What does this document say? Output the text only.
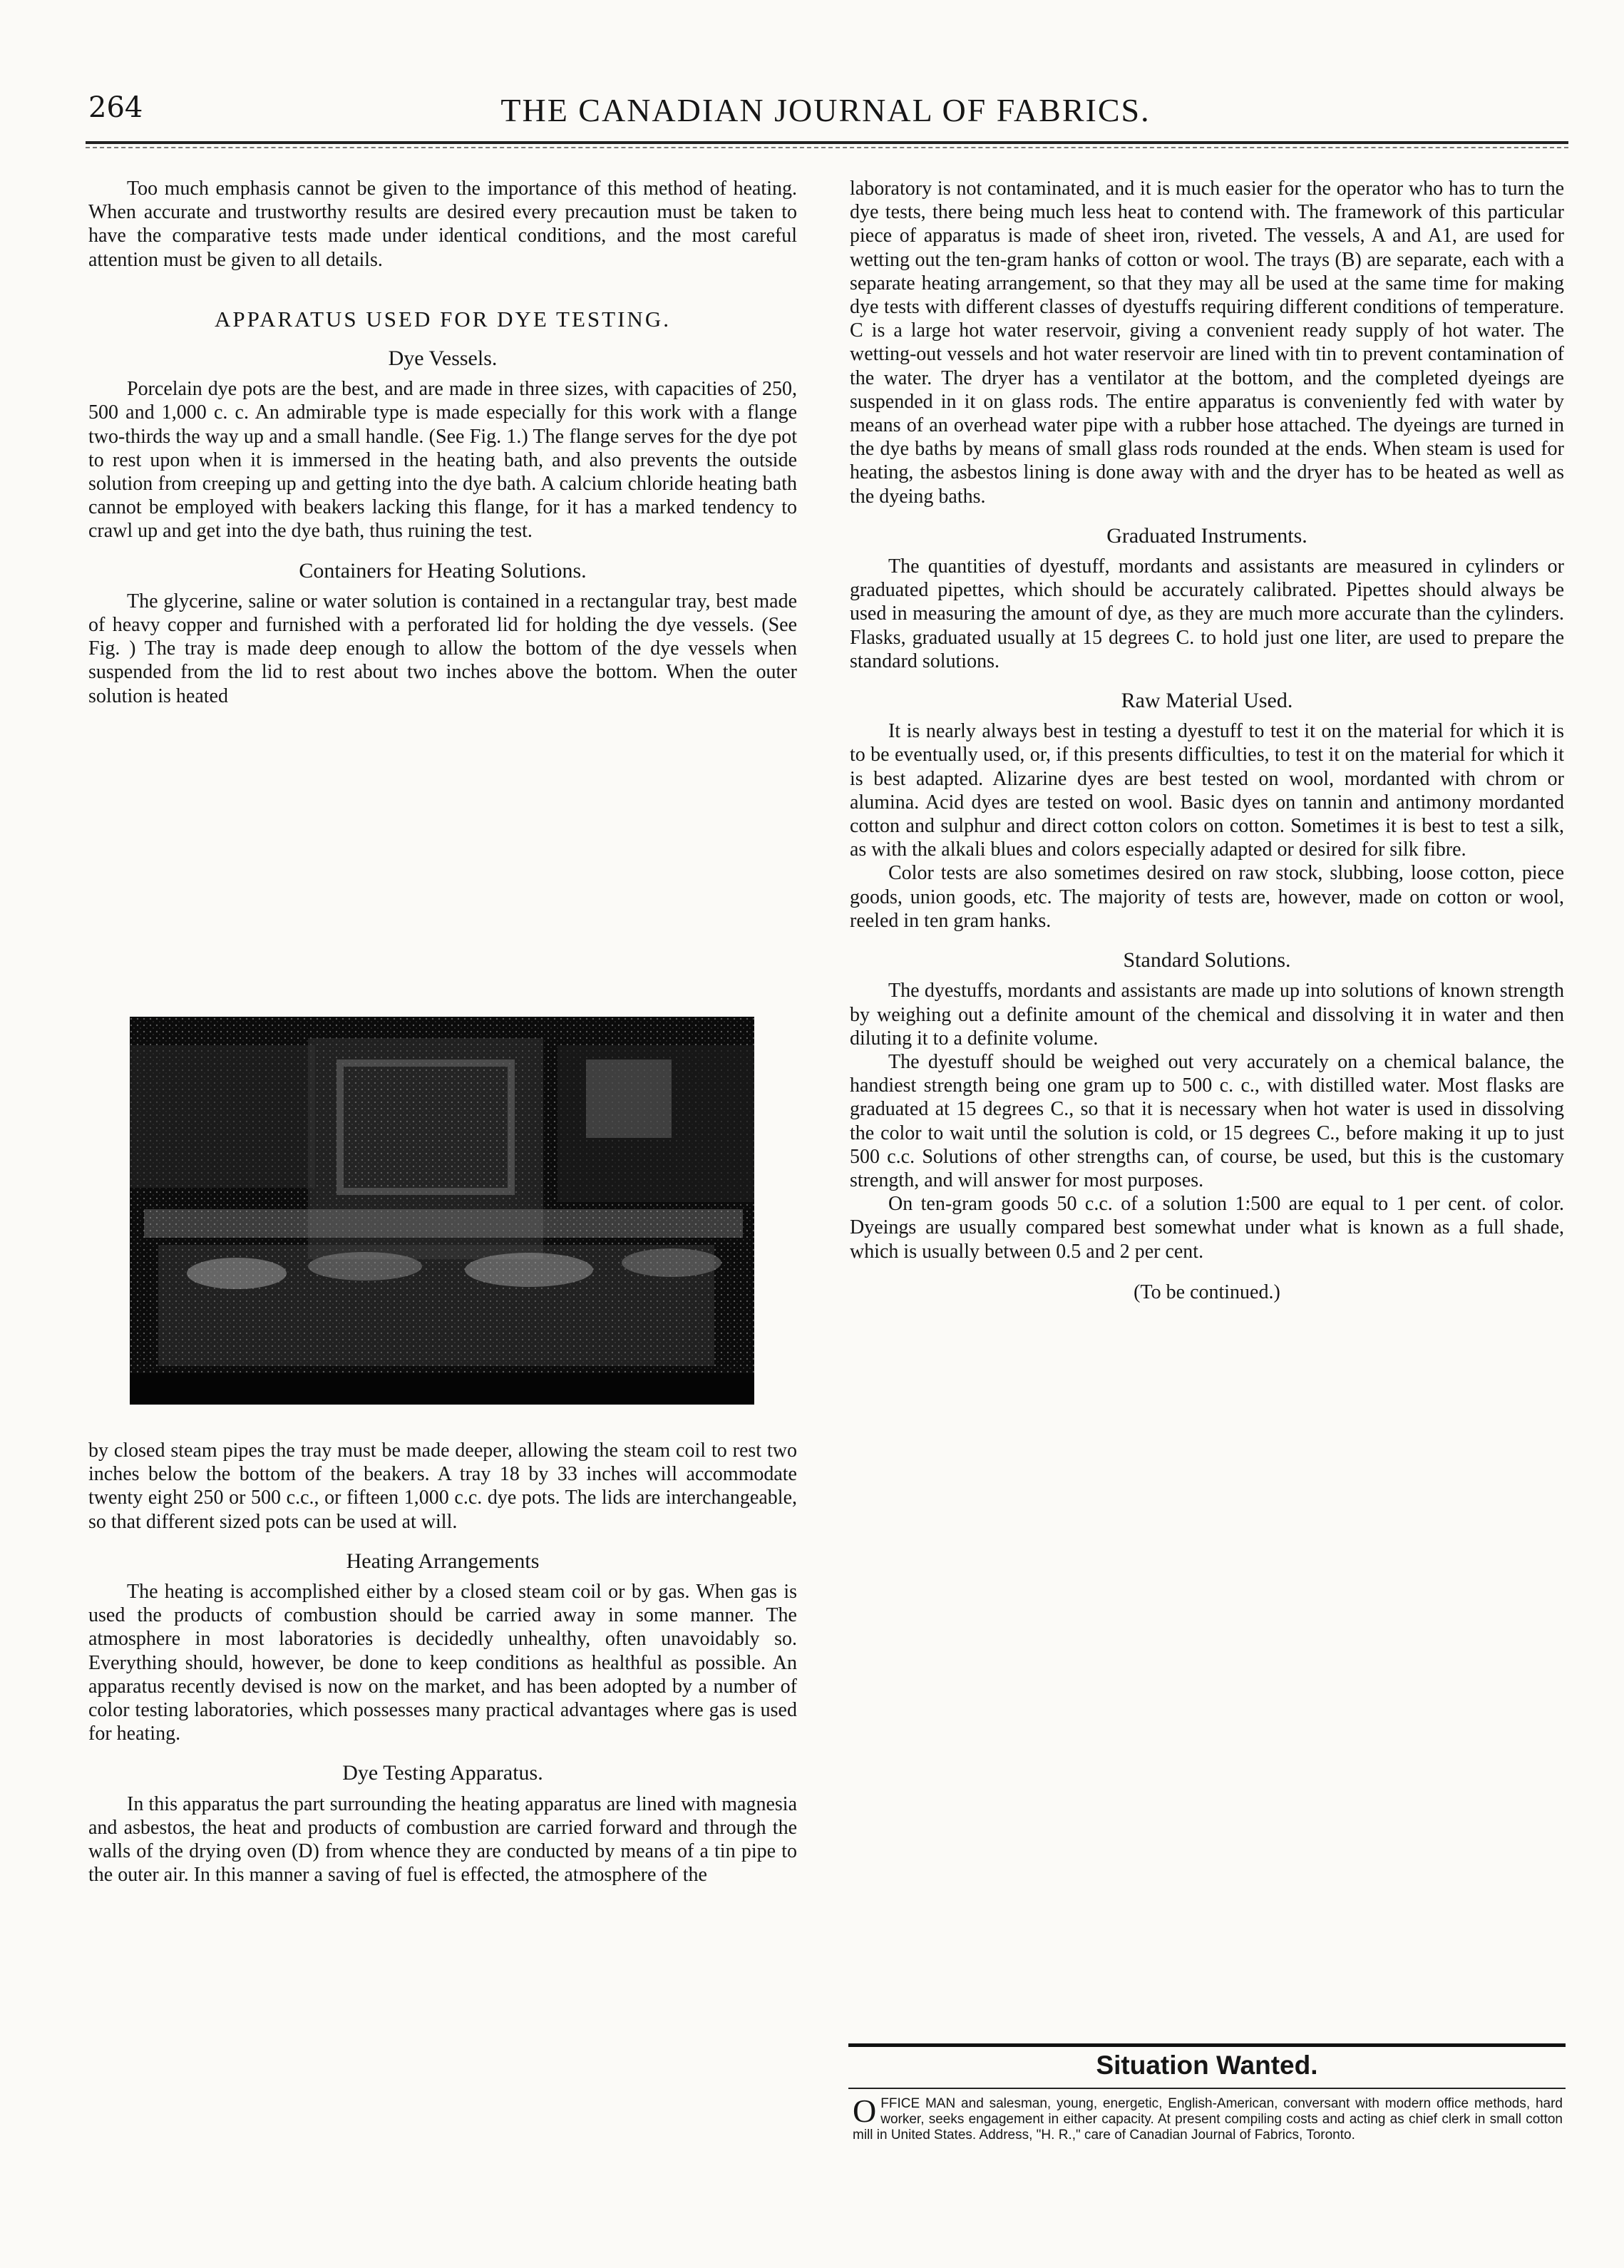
264	THE CANADIAN JOURNAL OF FABRICS.

Too much emphasis cannot be given to the importance of this method of heating. When accurate and trustworthy results are desired every precaution must be taken to have the comparative tests made under identical conditions, and the most careful attention must be given to all details.

APPARATUS USED FOR DYE TESTING.
Dye Vessels.

Porcelain dye pots are the best, and are made in three sizes, with capacities of 250, 500 and 1,000 c. c. An admirable type is made especially for this work with a flange two-thirds the way up and a small handle. (See Fig. 1.) The flange serves for the dye pot to rest upon when it is immersed in the heating bath, and also prevents the outside solution from creeping up and getting into the dye bath. A calcium chloride heating bath cannot be employed with beakers lacking this flange, for it has a marked tendency to crawl up and get into the dye bath, thus ruining the test.

Containers for Heating Solutions.

The glycerine, saline or water solution is contained in a rectangular tray, best made of heavy copper and furnished with a perforated lid for holding the dye vessels. (See Fig. ) The tray is made deep enough to allow the bottom of the dye vessels when suspended from the lid to rest about two inches above the bottom. When the outer solution is heated

by closed steam pipes the tray must be made deeper, allowing the steam coil to rest two inches below the bottom of the beakers. A tray 18 by 33 inches will accommodate twenty eight 250 or 500 c.c., or fifteen 1,000 c.c. dye pots. The lids are interchangeable, so that different sized pots can be used at will.

Heating Arrangements

The heating is accomplished either by a closed steam coil or by gas. When gas is used the products of combustion should be carried away in some manner. The atmosphere in most laboratories is decidedly unhealthy, often unavoidably so. Everything should, however, be done to keep conditions as healthful as possible. An apparatus recently devised is now on the market, and has been adopted by a number of color testing laboratories, which possesses many practical advantages where gas is used for heating.

Dye Testing Apparatus.

In this apparatus the part surrounding the heating apparatus are lined with magnesia and asbestos, the heat and products of combustion are carried forward and through the walls of the drying oven (D) from whence they are conducted by means of a tin pipe to the outer air. In this manner a saving of fuel is effected, the atmosphere of the

laboratory is not contaminated, and it is much easier for the operator who has to turn the dye tests, there being much less heat to contend with. The framework of this particular piece of apparatus is made of sheet iron, riveted. The vessels, A and A1, are used for wetting out the ten-gram hanks of cotton or wool. The trays (B) are separate, each with a separate heating arrangement, so that they may all be used at the same time for making dye tests with different classes of dyestuffs requiring different conditions of temperature. C is a large hot water reservoir, giving a convenient ready supply of hot water. The wetting-out vessels and hot water reservoir are lined with tin to prevent contamination of the water. The dryer has a ventilator at the bottom, and the completed dyeings are suspended in it on glass rods. The entire apparatus is conveniently fed with water by means of an overhead water pipe with a rubber hose attached. The dyeings are turned in the dye baths by means of small glass rods rounded at the ends. When steam is used for heating, the asbestos lining is done away with and the dryer has to be heated as well as the dyeing baths.

Graduated Instruments.

The quantities of dyestuff, mordants and assistants are measured in cylinders or graduated pipettes, which should be accurately calibrated. Pipettes should always be used in measuring the amount of dye, as they are much more accurate than the cylinders. Flasks, graduated usually at 15 degrees C. to hold just one liter, are used to prepare the standard solutions.

Raw Material Used.

It is nearly always best in testing a dyestuff to test it on the material for which it is to be eventually used, or, if this presents difficulties, to test it on the material for which it is best adapted. Alizarine dyes are best tested on wool, mordanted with chrom or alumina. Acid dyes are tested on wool. Basic dyes on tannin and antimony mordanted cotton and sulphur and direct cotton colors on cotton. Sometimes it is best to test a silk, as with the alkali blues and colors especially adapted or desired for silk fibre.

Color tests are also sometimes desired on raw stock, slubbing, loose cotton, piece goods, union goods, etc. The majority of tests are, however, made on cotton or wool, reeled in ten gram hanks.

Standard Solutions.

The dyestuffs, mordants and assistants are made up into solutions of known strength by weighing out a definite amount of the chemical and dissolving it in water and then diluting it to a definite volume.

The dyestuff should be weighed out very accurately on a chemical balance, the handiest strength being one gram up to 500 c. c., with distilled water. Most flasks are graduated at 15 degrees C., so that it is necessary when hot water is used in dissolving the color to wait until the solution is cold, or 15 degrees C., before making it up to just 500 c.c. Solutions of other strengths can, of course, be used, but this is the customary strength, and will answer for most purposes.

On ten-gram goods 50 c.c. of a solution 1:500 are equal to 1 per cent. of color. Dyeings are usually compared best somewhat under what is known as a full shade, which is usually between 0.5 and 2 per cent.

(To be continued.)

Situation Wanted.
O FFICE MAN and salesman, young, energetic, English-American, conversant with modern office methods, hard worker, seeks engagement in either capacity. At present compiling costs and acting as chief clerk in small cotton mill in United States. Address, "H. R.," care of Canadian Journal of Fabrics, Toronto.
